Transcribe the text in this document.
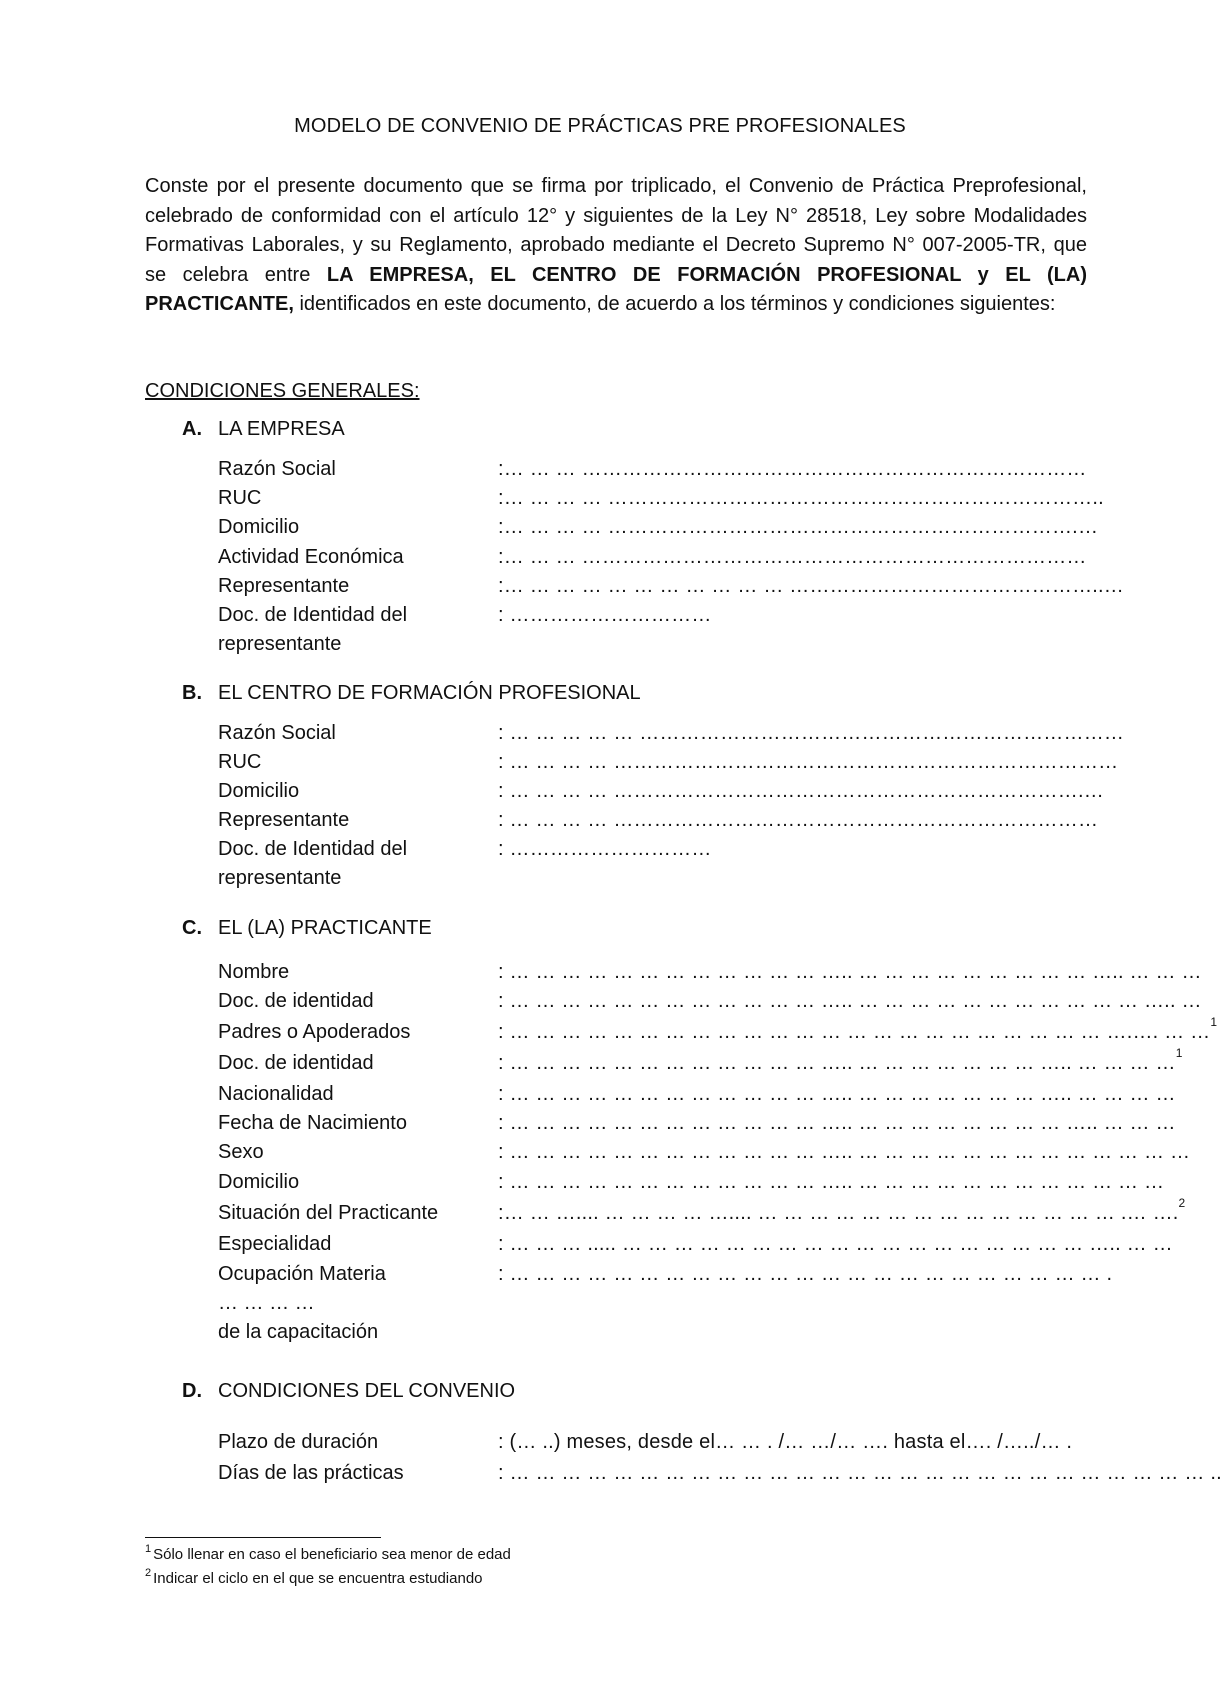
MODELO DE CONVENIO DE PRÁCTICAS PRE PROFESIONALES
Conste por el presente documento que se firma por triplicado, el Convenio de Práctica Preprofesional, celebrado de conformidad con el artículo 12° y siguientes de la Ley N° 28518, Ley sobre Modalidades Formativas Laborales, y su Reglamento, aprobado mediante el Decreto Supremo N° 007-2005-TR, que se celebra entre LA EMPRESA, EL CENTRO DE FORMACIÓN PROFESIONAL y EL (LA) PRACTICANTE, identificados en este documento, de acuerdo a los términos y condiciones siguientes:
CONDICIONES GENERALES:
A. LA EMPRESA
Razón Social	:… … … …………………………………………………………………
RUC	:… … … … ………………………………………………………………..
Domicilio	:… … … … …………………………………………………………….…
Actividad Económica	:… … … …………………………………………………………………
Representante	:… … … … … … … … … … … ………………………………………..…
Doc. de Identidad del	: …………………………
representante
B. EL CENTRO DE FORMACIÓN PROFESIONAL
Razón Social	: … … … … … ………………………………………………………………
RUC	: … … … … …………………………………………………………………
Domicilio	: … … … … …………………………………………………………….…
Representante	: … … … … ………………………………………………………………
Doc. de Identidad del	: …………………………
representante
C. EL (LA) PRACTICANTE
Nombre	: … … … … … … … … … … … … ….. … … … … … … … … … ….. … … …
Doc. de identidad	: … … … … … … … … … … … … ….. … … … … … … … … … … … ….. …
Padres o Apoderados	: … … … … … … … … … … … … … … … … … … … … … … … ….…. … …$^1$
Doc. de identidad	: … … … … … … … … … … … … ….. … … … … … … … ….. … … … …$^1$
Nacionalidad	: … … … … … … … … … … … … ….. … … … … … … … ….. … … … …
Fecha de Nacimiento	: … … … … … … … … … … … … ….. … … … … … … … … ….. … … …
Sexo	: … … … … … … … … … … … … ….. … … … … … … … … … … … … …
Domicilio	: … … … … … … … … … … … … ….. … … … … … … … … … … … …
Situación del Practicante	:… … ….... … … … … ….... … … … … … … … … … … … … … … .… ….$^2$
Especialidad	: … … … ..... … … … … … … … … … … … … … … … … … … ….. … …
Ocupación Materia	: … … … … … … … … … … … … … … … … … … … … … … … .
… … … …
de la capacitación
D. CONDICIONES DEL CONVENIO
Plazo de duración	: (… ..) meses, desde el… … . /… …/… …. hasta el…. /…../… .
Días de las prácticas	: … … … … … … … … … … … … … … … … … … … … … … … … … … … ..
$^1$ Sólo llenar en caso el beneficiario sea menor de edad
$^2$ Indicar el ciclo en el que se encuentra estudiando
